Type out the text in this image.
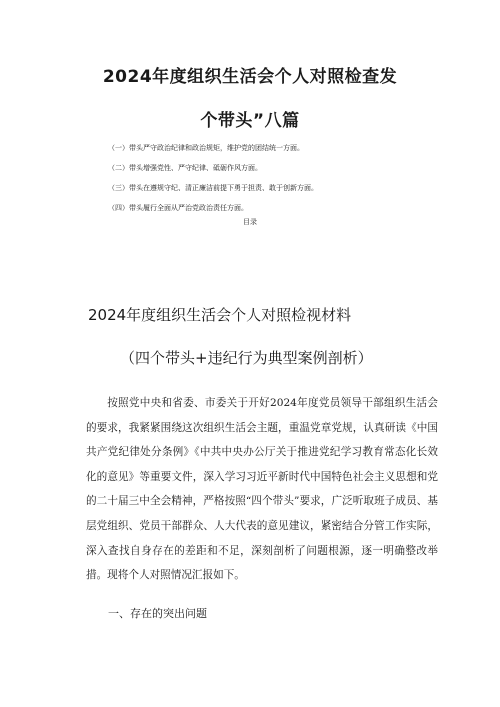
2024年度组织生活会个人对照检查发
个带头”八篇
（一）带头严守政治纪律和政治规矩，维护党的团结统一方面。
（二）带头增强党性、严守纪律、砥砺作风方面。
（三）带头在遵规守纪、清正廉洁前提下勇于担责、敢于创新方面。
（四）带头履行全面从严治党政治责任方面。
目录
2024年度组织生活会个人对照检视材料
（四个带头+违纪行为典型案例剖析）

按照党中央和省委、市委关于开好2024年度党员领导干部组织生活会的要求，我紧紧围绕这次组织生活会主题，重温党章党规，认真研读《中国共产党纪律处分条例》《中共中央办公厅关于推进党纪学习教育常态化长效化的意见》等重要文件，深入学习习近平新时代中国特色社会主义思想和党的二十届三中全会精神，严格按照“四个带头”要求，广泛听取班子成员、基层党组织、党员干部群众、人大代表的意见建议，紧密结合分管工作实际，深入查找自身存在的差距和不足，深刻剖析了问题根源，逐一明确整改举措。现将个人对照情况汇报如下。

一、存在的突出问题
